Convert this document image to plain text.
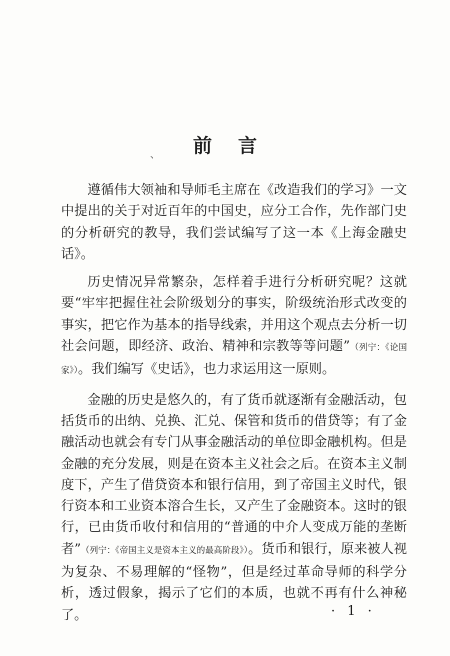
、	前言

遵循伟大领袖和导师毛主席在《改造我们的学习》一文中提出的关于对近百年的中国史，应分工合作，先作部门史的分析研究的教导，我们尝试编写了这一本《上海金融史话》。

历史情况异常繁杂，怎样着手进行分析研究呢？这就要“牢牢把握住社会阶级划分的事实，阶级统治形式改变的事实，把它作为基本的指导线索，并用这个观点去分析一切社会问题，即经济、政治、精神和宗教等等问题”（列宁：《论国家》）。我们编写《史话》，也力求运用这一原则。

金融的历史是悠久的，有了货币就逐渐有金融活动，包括货币的出纳、兑换、汇兑、保管和货币的借贷等；有了金融活动也就会有专门从事金融活动的单位即金融机构。但是金融的充分发展，则是在资本主义社会之后。在资本主义制度下，产生了借贷资本和银行信用，到了帝国主义时代，银行资本和工业资本溶合生长，又产生了金融资本。这时的银行，已由货币收付和信用的“普通的中介人变成万能的垄断者”（列宁：《帝国主义是资本主义的最高阶段》）。货币和银行，原来被人视为复杂、不易理解的“怪物”，但是经过革命导师的科学分析，透过假象，揭示了它们的本质，也就不再有什么神秘了。	· 1 ·
